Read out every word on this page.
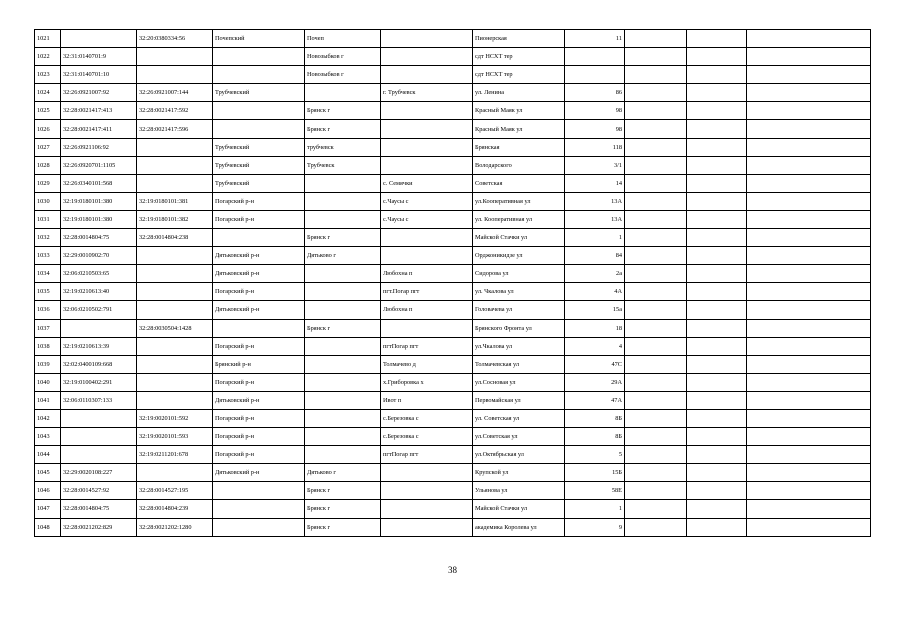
1021		32:20:0380334:56	Почепский	Почеп		Пионерская	11			
1022	32:31:0140701:9			Новозыбков г		сдт НСХТ тер				
1023	32:31:0140701:10			Новозыбков г		сдт НСХТ тер				
1024	32:26:0921007:92	32:26:0921007:144	Трубчевский		г. Трубчевск	ул. Ленина	86			
1025	32:28:0021417:413	32:28:0021417:592		Брянск г		Красный Маяк ул	98			
1026	32:28:0021417:411	32:28:0021417:596		Брянск г		Красный Маяк ул	98			
1027	32:26:0921106:92		Трубчевский	трубчевск		Брянская	118			
1028	32:26:0920701:1105		Трубчевский	Трубчевск		Володарского	3/1			
1029	32:26:0340101:568		Трубчевский		с. Семячки	Советская	14			
1030	32:19:0180101:380	32:19:0180101:381	Погарский р-н		с.Чаусы с	ул.Кооперативная ул	13А			
1031	32:19:0180101:380	32:19:0180101:382	Погарский р-н		с.Чаусы с	ул. Кооперативная ул	13А			
1032	32:28:0014804:75	32:28:0014804:238		Брянск г		Майской Стачки ул	1			
1033	32:29:0010902:70		Дятьковский р-н	Дятьково г		Орджоникидзе ул	84			
1034	32:06:0210503:65		Дятьковский р-н		Любохна п	Сидорова ул	2а			
1035	32:19:0210613:40		Погарский р-н		пгт.Погар пгт	ул. Чкалова ул	4А			
1036	32:06:0210502:791		Дятьковский р-н		Любохна п	Головачева ул	15а			
1037		32:28:0030504:1428		Брянск г		Брянского Фронта ул	18			
1038	32:19:0210613:39		Погарский р-н		пгтПогар пгт	ул.Чкалова ул	4			
1039	32:02:0400109:668		Брянский р-н		Толмачево д	Толмачевская ул	47С			
1040	32:19:0100402:291		Погарский р-н		х.Гриборовка х	ул.Сосновая ул	29А			
1041	32:06:0110307:133		Дятьковский р-н		Ивот п	Первомайская ул	47А			
1042		32:19:0020101:592	Погарский р-н		с.Березовка с	ул. Советская ул	8Б			
1043		32:19:0020101:593	Погарский р-н		с.Березовка с	ул.Советская ул	8Б			
1044		32:19:0211201:678	Погарский р-н		пгтПогар пгт	ул.Октябрьская ул	5			
1045	32:29:0020108:227		Дятьковский р-н	Дятьково г		Крупской ул	15Б			
1046	32:28:0014527:92	32:28:0014527:195		Брянск г		Ульянова ул	58Е			
1047	32:28:0014804:75	32:28:0014804:239		Брянск г		Майской Стачки ул	1			
1048	32:28:0021202:829	32:28:0021202:1280		Брянск г		академика Королева ул	9			
38
